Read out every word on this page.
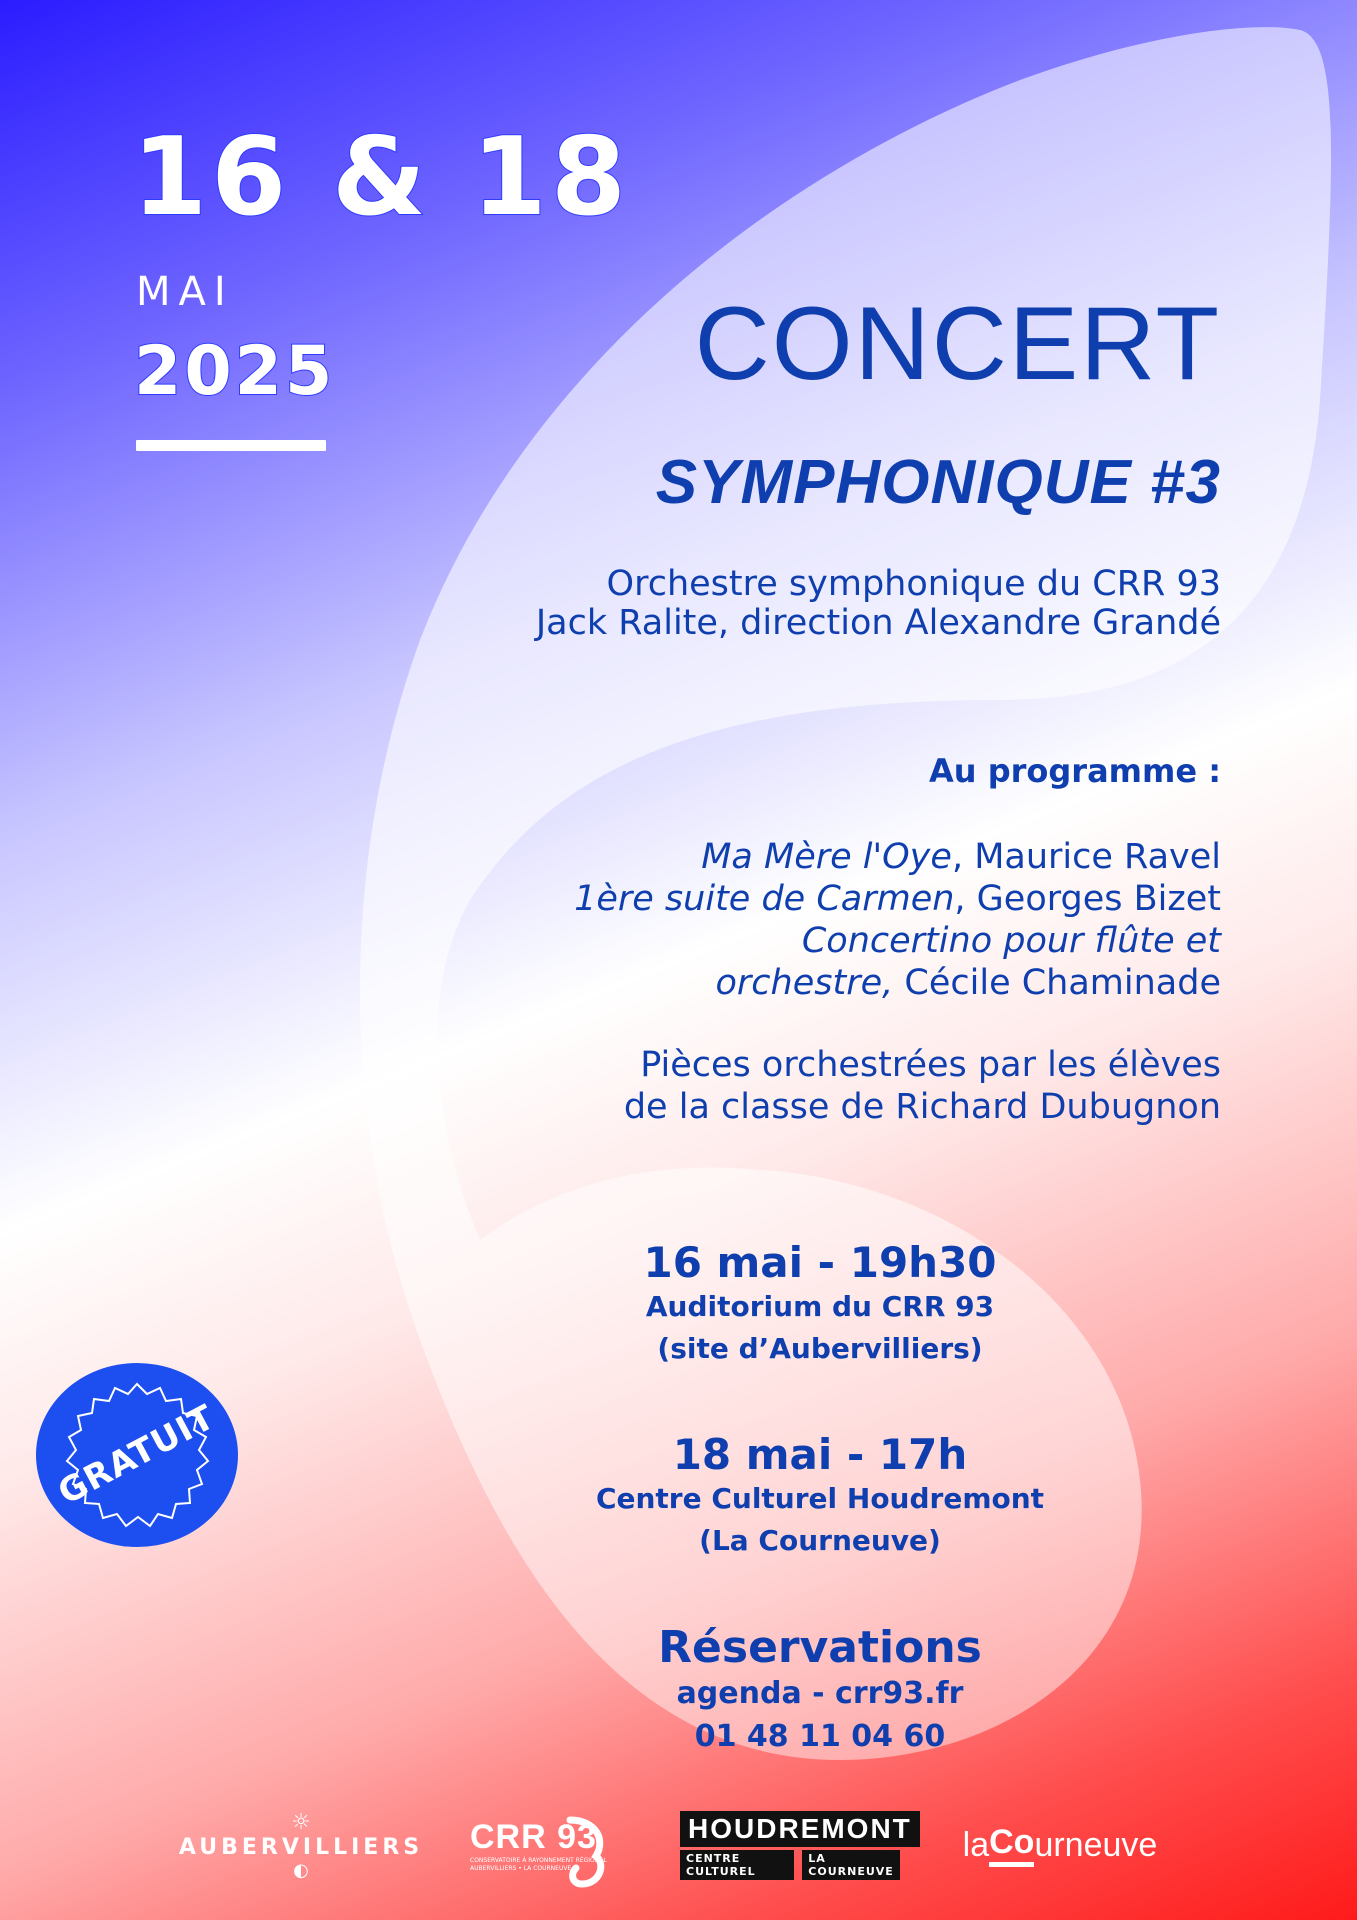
16 & 18
MAI
2025	CONCERT
SYMPHONIQUE #3
Orchestre symphonique du CRR 93
Jack Ralite, direction Alexandre Grandé
Au programme :
Ma Mère l'Oye, Maurice Ravel
1ère suite de Carmen, Georges Bizet
Concertino pour flûte et
orchestre, Cécile Chaminade
Pièces orchestrées par les élèves
de la classe de Richard Dubugnon
16 mai - 19h30
Auditorium du CRR 93
(site d’Aubervilliers)
18 mai - 17h
Centre Culturel Houdremont
(La Courneuve)
Réservations
agenda - crr93.fr
01 48 11 04 60
GRATUIT
☼
AUBERVILLIERS
◐
CRR 93
CONSERVATOIRE À RAYONNEMENT RÉGIONAL
AUBERVILLIERS • LA COURNEUVE
HOUDREMONT
CENTRE CULTUREL
LA COURNEUVE
la Co urneuve
